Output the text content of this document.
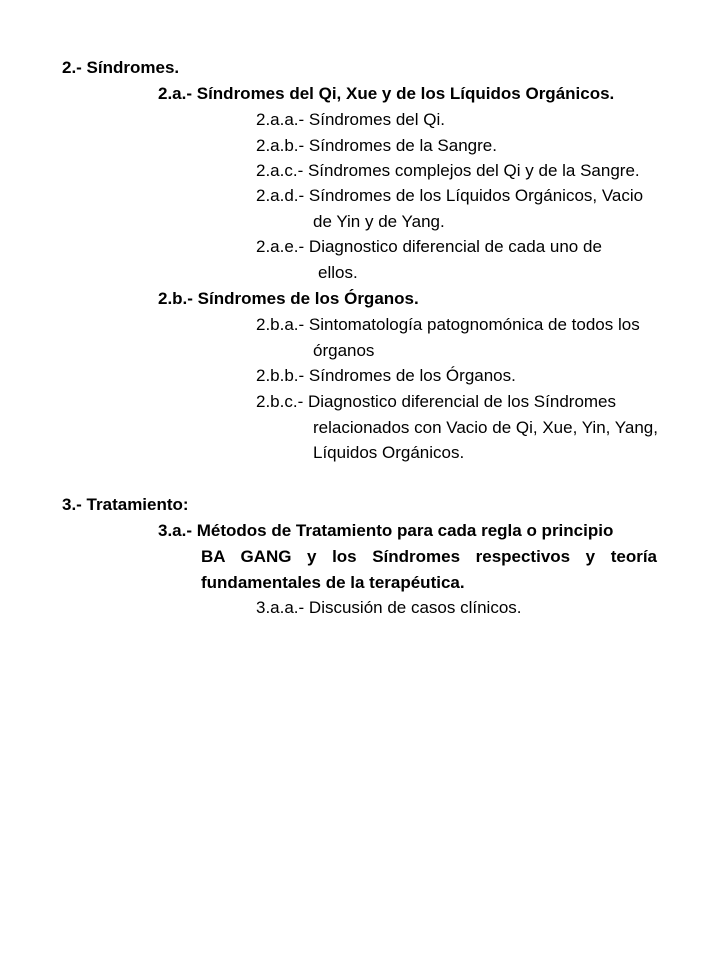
2.- Síndromes.
2.a.- Síndromes del Qi, Xue y de los Líquidos Orgánicos.
2.a.a.- Síndromes del Qi.
2.a.b.- Síndromes de la Sangre.
2.a.c.- Síndromes complejos del Qi y de la Sangre.
2.a.d.- Síndromes de los Líquidos Orgánicos, Vacio
de Yin y de Yang.
2.a.e.- Diagnostico diferencial de cada uno de
ellos.
2.b.- Síndromes de los Órganos.
2.b.a.- Sintomatología patognomónica de todos los
órganos
2.b.b.- Síndromes de los Órganos.
2.b.c.- Diagnostico diferencial de los Síndromes
relacionados con Vacio de Qi, Xue, Yin, Yang,
Líquidos Orgánicos.
3.- Tratamiento:
3.a.- Métodos de Tratamiento para cada regla o principio
BA GANG y los Síndromes respectivos y teoría
fundamentales de la terapéutica.
3.a.a.- Discusión de casos clínicos.
